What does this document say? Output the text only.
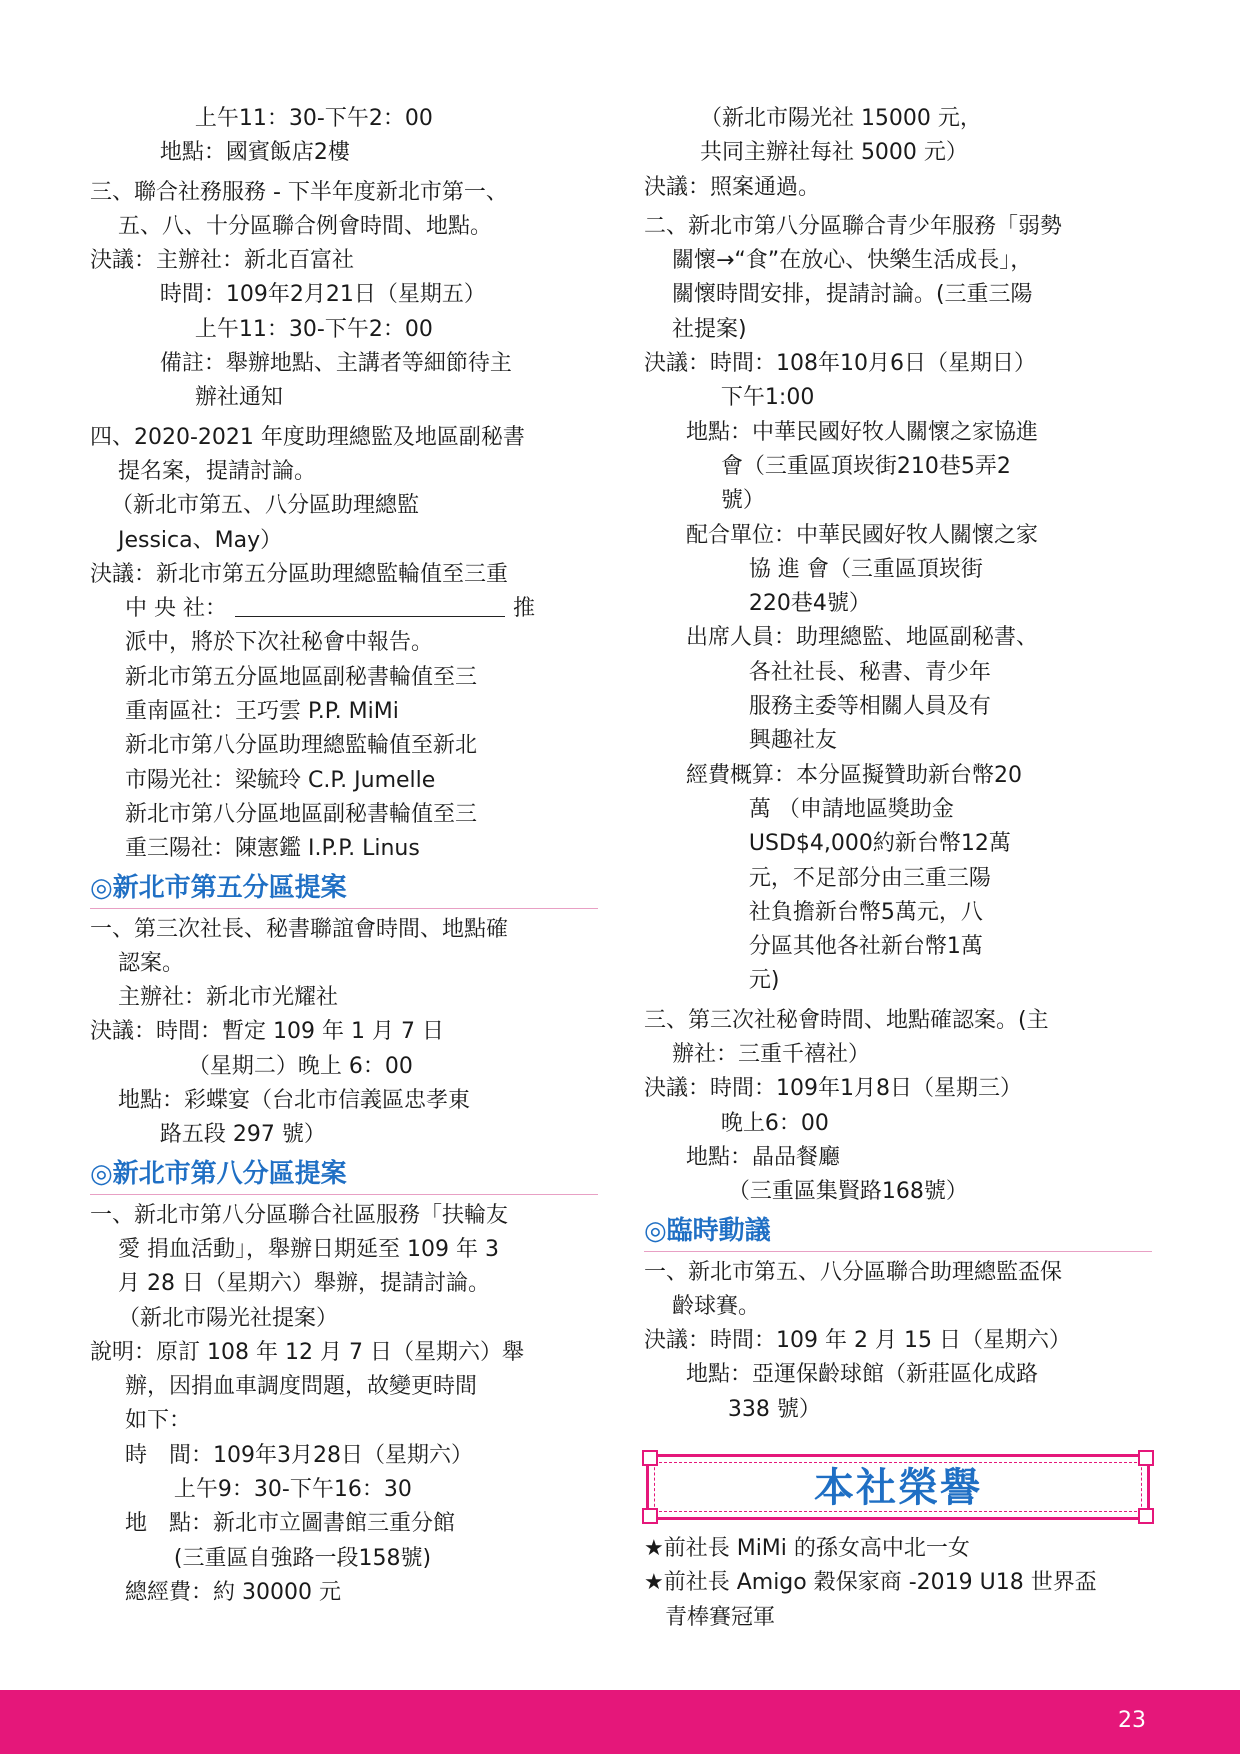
上午11：30-下午2：00
地點：國賓飯店2樓
三、聯合社務服務 - 下半年度新北市第一、
五、八、十分區聯合例會時間、地點。
決議：主辦社：新北百富社
時間：109年2月21日（星期五）
上午11：30-下午2：00
備註：舉辦地點、主講者等細節待主
辦社通知
四、2020-2021 年度助理總監及地區副秘書
提名案，提請討論。
（新北市第五、八分區助理總監
Jessica、May）
決議：新北市第五分區助理總監輪值至三重
中 央 社：	推
派中，將於下次社秘會中報告。
新北市第五分區地區副秘書輪值至三
重南區社：王巧雲 P.P. MiMi
新北市第八分區助理總監輪值至新北
市陽光社：梁毓玲 C.P. Jumelle
新北市第八分區地區副秘書輪值至三
重三陽社：陳憲鑑 I.P.P. Linus
◎新北市第五分區提案
一、第三次社長、秘書聯誼會時間、地點確
認案。
主辦社：新北市光耀社
決議：時間：暫定 109 年 1 月 7 日
（星期二）晚上 6：00
地點：彩蝶宴（台北市信義區忠孝東
路五段 297 號）
◎新北市第八分區提案
一、新北市第八分區聯合社區服務「扶輪友
愛 捐血活動」，舉辦日期延至 109 年 3
月 28 日（星期六）舉辦，提請討論。
（新北市陽光社提案）
說明：原訂 108 年 12 月 7 日（星期六）舉
辦，因捐血車調度問題，故變更時間
如下：
時　間：109年3月28日（星期六）
上午9：30-下午16：30
地　點：新北市立圖書館三重分館
(三重區自強路一段158號)
總經費：約 30000 元
（新北市陽光社 15000 元，
共同主辦社每社 5000 元）
決議：照案通過。
二、新北市第八分區聯合青少年服務「弱勢
關懷→“食”在放心、快樂生活成長」，
關懷時間安排，提請討論。(三重三陽
社提案)
決議：時間：108年10月6日（星期日）
下午1:00
地點：中華民國好牧人關懷之家協進
會（三重區頂崁街210巷5弄2
號）
配合單位：中華民國好牧人關懷之家
協 進 會（三重區頂崁街
220巷4號）
出席人員：助理總監、地區副秘書、
各社社長、秘書、青少年
服務主委等相關人員及有
興趣社友
經費概算：本分區擬贊助新台幣20
萬 （申請地區獎助金
USD$4,000約新台幣12萬
元，不足部分由三重三陽
社負擔新台幣5萬元，八
分區其他各社新台幣1萬
元)
三、第三次社秘會時間、地點確認案。(主
辦社：三重千禧社）
決議：時間：109年1月8日（星期三）
晚上6：00
地點：晶品餐廳
（三重區集賢路168號）
◎臨時動議
一、新北市第五、八分區聯合助理總監盃保
齡球賽。
決議：時間：109 年 2 月 15 日（星期六）
地點：亞運保齡球館（新莊區化成路
338 號）
本社榮譽
★前社長 MiMi 的孫女高中北一女
★前社長 Amigo 穀保家商 -2019 U18 世界盃
青棒賽冠軍
23
